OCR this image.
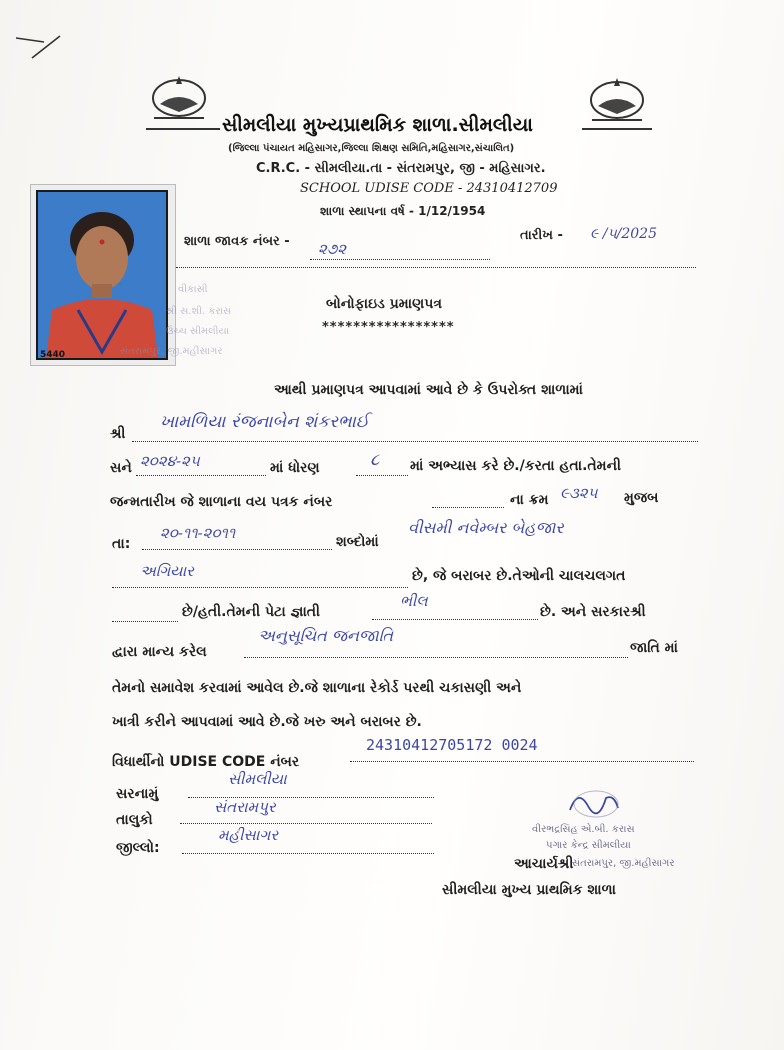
સીમલીયા મુખ્યપ્રાથમિક શાળા.સીમલીયા
(જિલ્લા પંચાયત મહિસાગર,જિલ્લા શિક્ષણ સમિતિ,મહિસાગર,સંચાલિત)
C.R.C. - સીમલીયા.તા - સંતરામપુર, જી - મહિસાગર.
SCHOOL UDISE CODE - 24310412709
શાળા સ્થાપના વર્ષ - 1/12/1954
5440
વીકાસી
શ્રી સ.શી. કરાસ
ઉચ્ચ સીમલીયા
સંતરામપુર, જી.મહીસાગર
શાળા જાવક નંબર - ૨૭૨
તારીખ - ૯ /૫/2025
બોનોફાઇડ પ્રમાણપત્ર
*****************
આથી પ્રમાણપત્ર આપવામાં આવે છે કે ઉપરોક્ત શાળામાં
શ્રી
ખામળિયા રંજનાબેન શંકરભાઈ
સને ૨૦૨૪-૨૫	માં ધોરણ	૮ માં અભ્યાસ કરે છે./કરતા હતા.તેમની
જન્મતારીખ જે શાળાના વય પત્રક નંબર	ના ક્રમ ૯૩૨૫ મુજબ
તા:
૨૦-૧૧-૨૦૧૧	શબ્દોમાં
વીસમી નવેમ્બર બેહજાર
અગિયાર	છે, જે બરાબર છે.તેઓની ચાલચલગત
છે/હતી.તેમની પેટા જ્ઞાતી
ભીલ
છે. અને સરકારશ્રી
દ્વારા માન્ય કરેલ
અનુસૂચિત જનજાતિ
જાતિ માં
તેમનો સમાવેશ કરવામાં આવેલ છે.જે શાળાના રેકોર્ડ પરથી ચકાસણી અને
ખાત્રી કરીને આપવામાં આવે છે.જે ખરુ અને બરાબર છે.
વિધાર્થીનો UDISE CODE નંબર
24310412705172 0024
સરનામું
સીમલીયા
તાલુકો
સંતરામપુર
જીલ્લો:
મહીસાગર	વીરભદ્રસિંહ એ.બી. કરાસ
પગાર કેન્દ્ર સીમલીયા
સંતરામપુર, જી.મહીસાગર
આચાર્યશ્રી
સીમલીયા મુખ્ય પ્રાથમિક શાળા
